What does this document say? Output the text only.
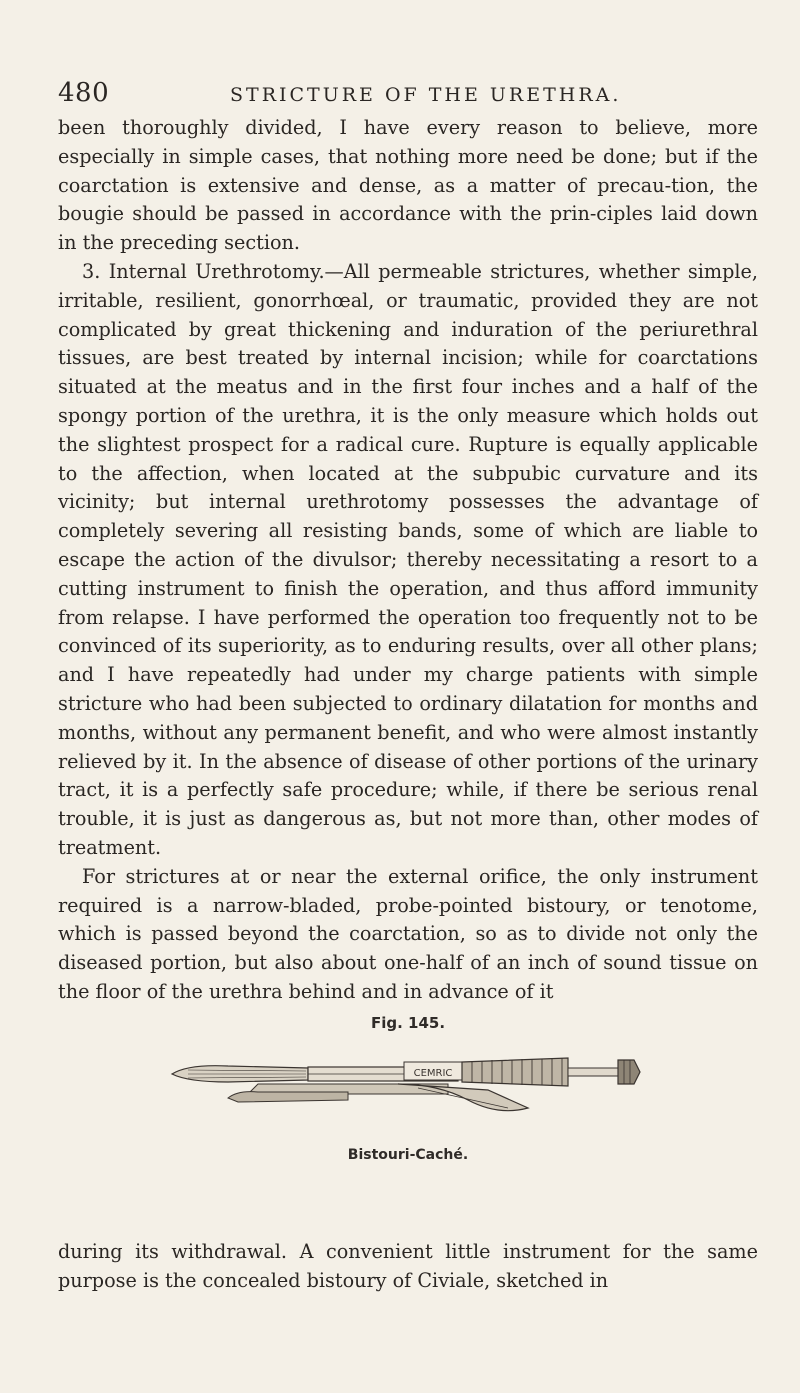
480	STRICTURE OF THE URETHRA.

been thoroughly divided, I have every reason to believe, more especially in simple cases, that nothing more need be done; but if the coarctation is extensive and dense, as a matter of precau-tion, the bougie should be passed in accordance with the prin-ciples laid down in the preceding section.

3. Internal Urethrotomy.—All permeable strictures, whether simple, irritable, resilient, gonorrhœal, or traumatic, provided they are not complicated by great thickening and induration of the periurethral tissues, are best treated by internal incision; while for coarctations situated at the meatus and in the first four inches and a half of the spongy portion of the urethra, it is the only measure which holds out the slightest prospect for a radical cure. Rupture is equally applicable to the affection, when located at the subpubic curvature and its vicinity; but internal urethrotomy possesses the advantage of completely severing all resisting bands, some of which are liable to escape the action of the divulsor; thereby necessitating a resort to a cutting instrument to finish the operation, and thus afford immunity from relapse. I have performed the operation too frequently not to be convinced of its superiority, as to enduring results, over all other plans; and I have repeatedly had under my charge patients with simple stricture who had been subjected to ordinary dilatation for months and months, without any permanent benefit, and who were almost instantly relieved by it. In the absence of disease of other portions of the urinary tract, it is a perfectly safe procedure; while, if there be serious renal trouble, it is just as dangerous as, but not more than, other modes of treatment.

For strictures at or near the external orifice, the only instrument required is a narrow-bladed, probe-pointed bistoury, or tenotome, which is passed beyond the coarctation, so as to divide not only the diseased portion, but also about one-half of an inch of sound tissue on the floor of the urethra behind and in advance of it

Fig. 145.
CEMRIC
Bistouri-Caché.

during its withdrawal. A convenient little instrument for the same purpose is the concealed bistoury of Civiale, sketched in
